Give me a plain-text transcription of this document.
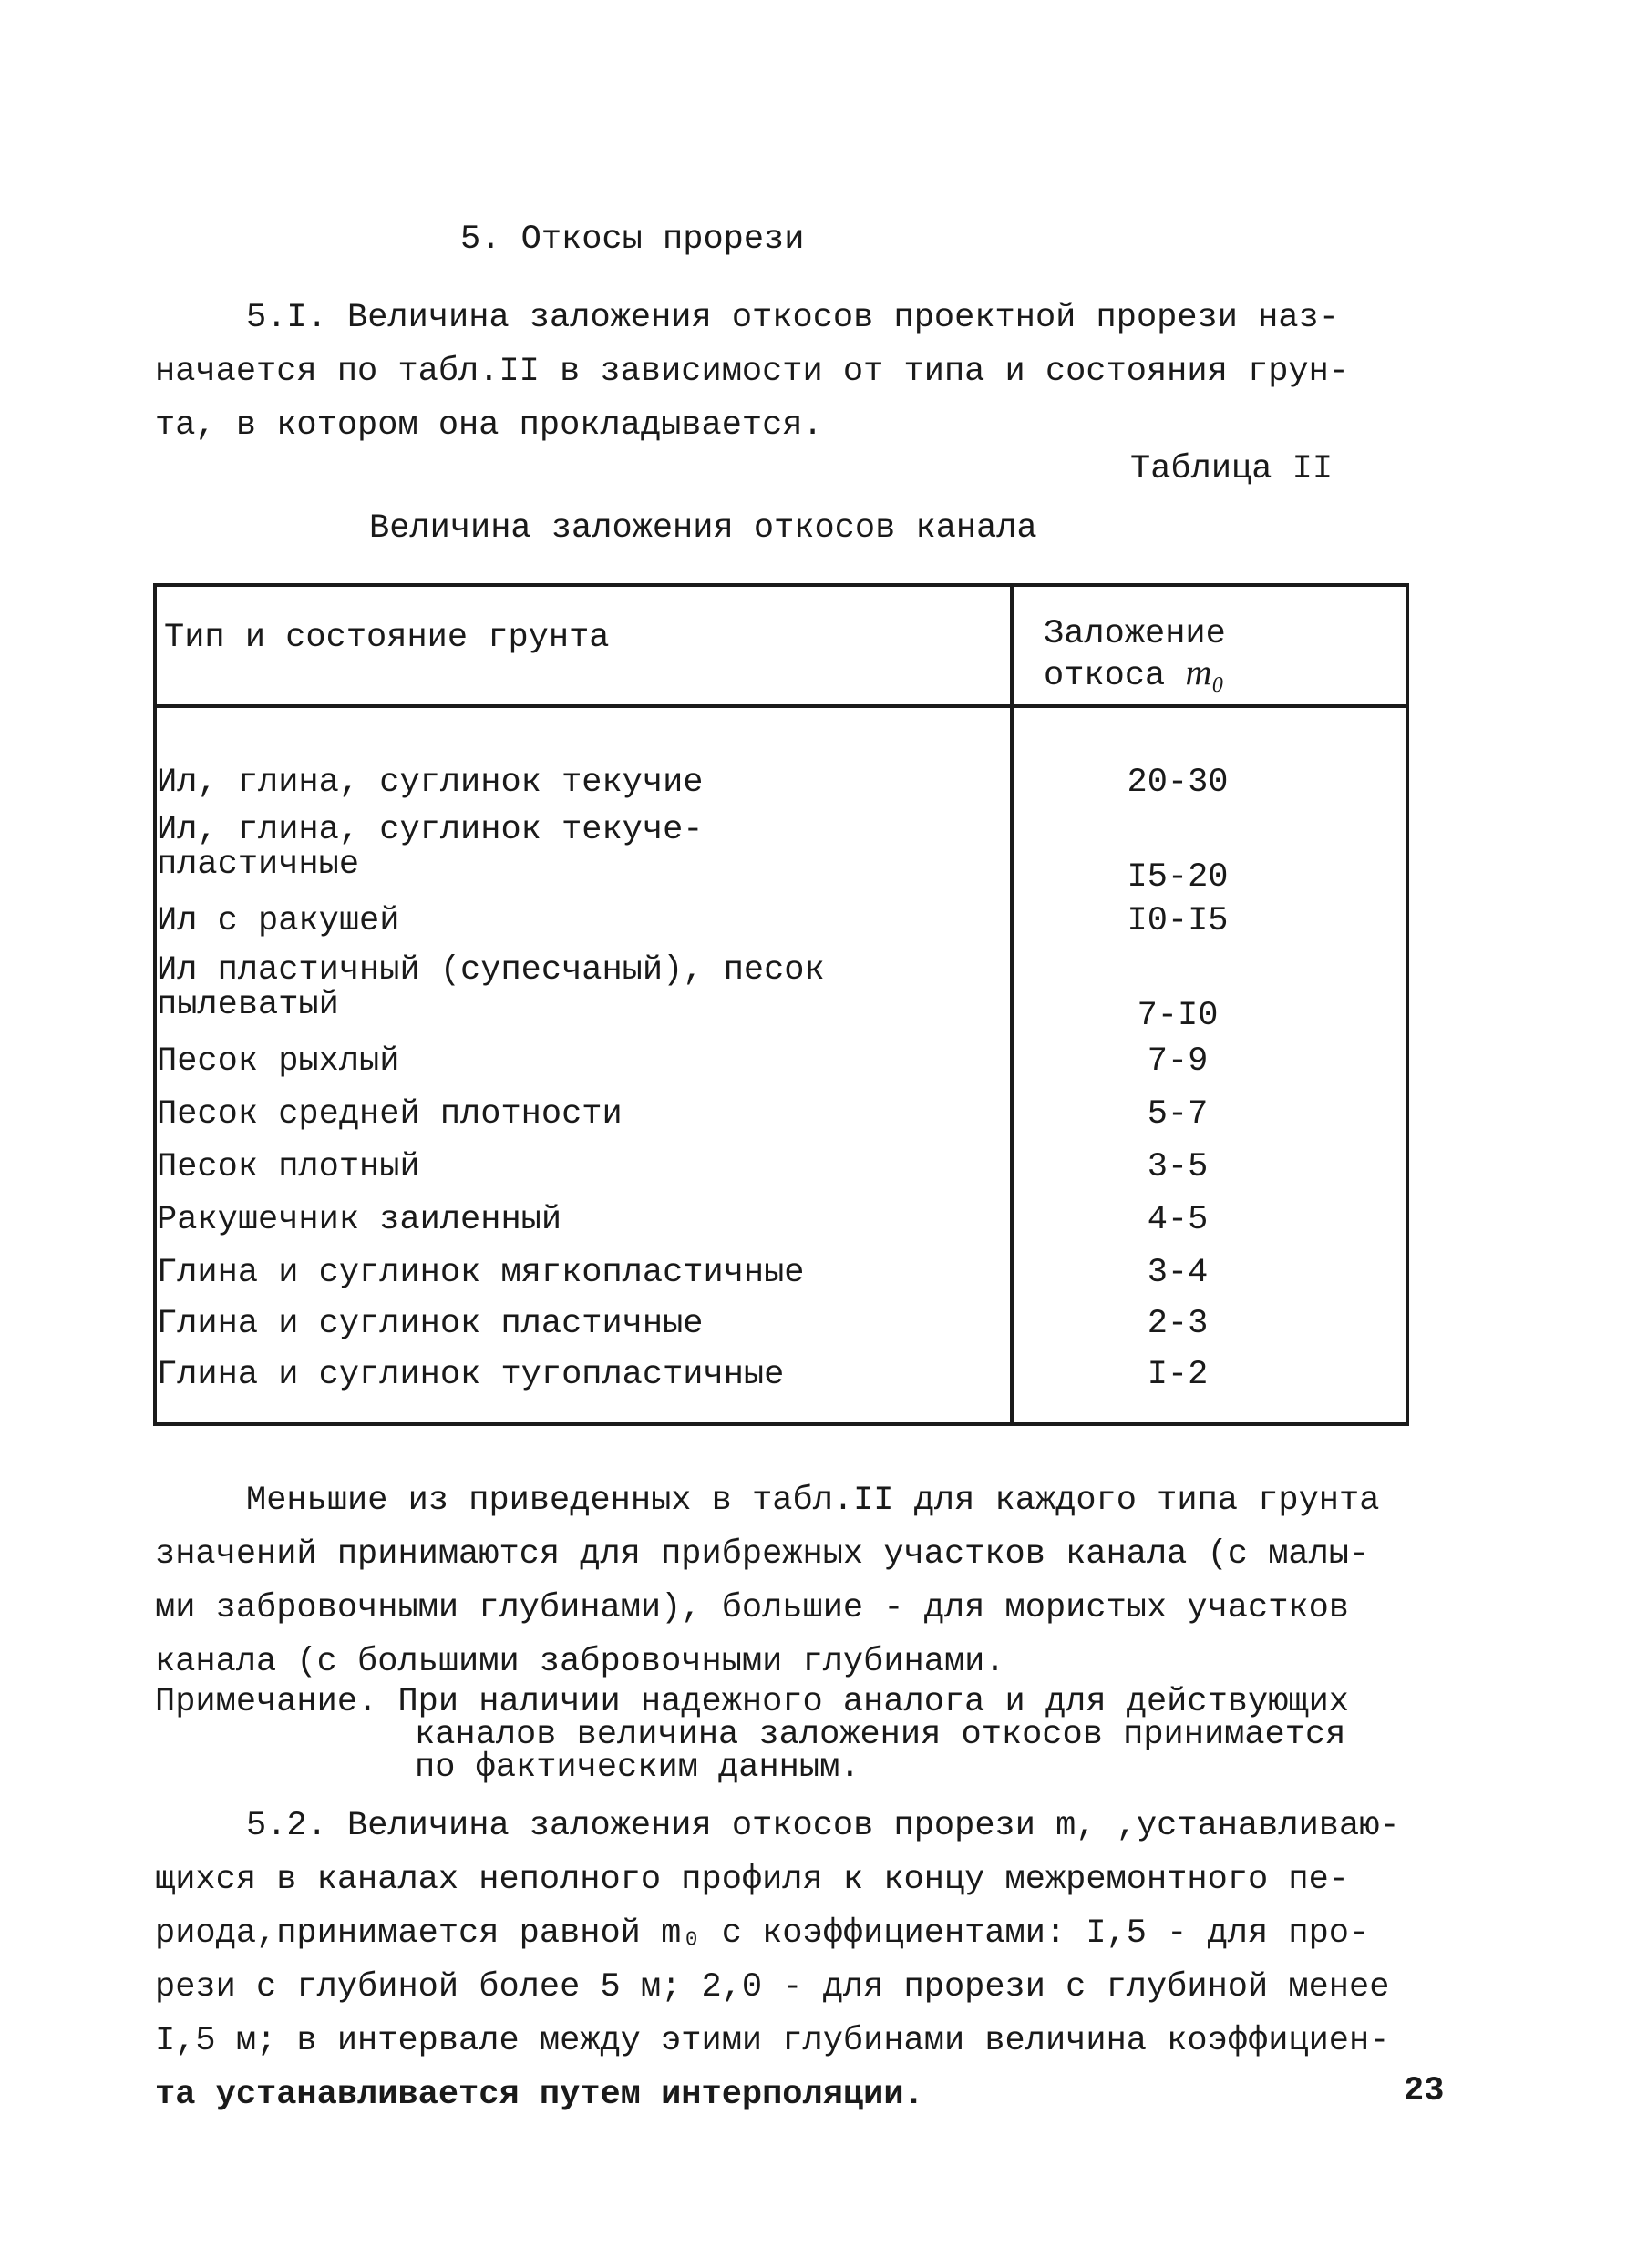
5. Откосы прорези
5.I. Величина заложения откосов проектной прорези наз-
начается по табл.II в зависимости от типа и состояния грун-
та, в котором она прокладывается.
Таблица II
Величина заложения откосов канала
Тип и состояние грунта	Заложение
откоса m₀
Ил, глина, суглинок текучие	20-30
Ил, глина, суглинок текуче-
пластичные	I5-20
Ил с ракушей	I0-I5
Ил пластичный (супесчаный), песок
пылеватый	7-I0
Песок рыхлый	7-9
Песок средней плотности	5-7
Песок плотный	3-5
Ракушечник заиленный	4-5
Глина и суглинок мягкопластичные	3-4
Глина и суглинок пластичные	2-3
Глина и суглинок тугопластичные	I-2
Меньшие из приведенных в табл.II для каждого типа грунта
значений принимаются для прибрежных участков канала (с малы-
ми забровочными глубинами), большие - для мористых участков
канала (с большими забровочными глубинами.
Примечание. При наличии надежного аналога и для действующих
каналов величина заложения откосов принимается
по фактическим данным.
5.2. Величина заложения откосов прорези m, ,устанавливаю-
щихся в каналах неполного профиля к концу межремонтного пе-
риода,принимается равной m₀ с коэффициентами: I,5 - для про-
рези с глубиной более 5 м; 2,0 - для прорези с глубиной менее
I,5 м; в интервале между этими глубинами величина коэффициен-
та устанавливается путем интерполяции.	23
